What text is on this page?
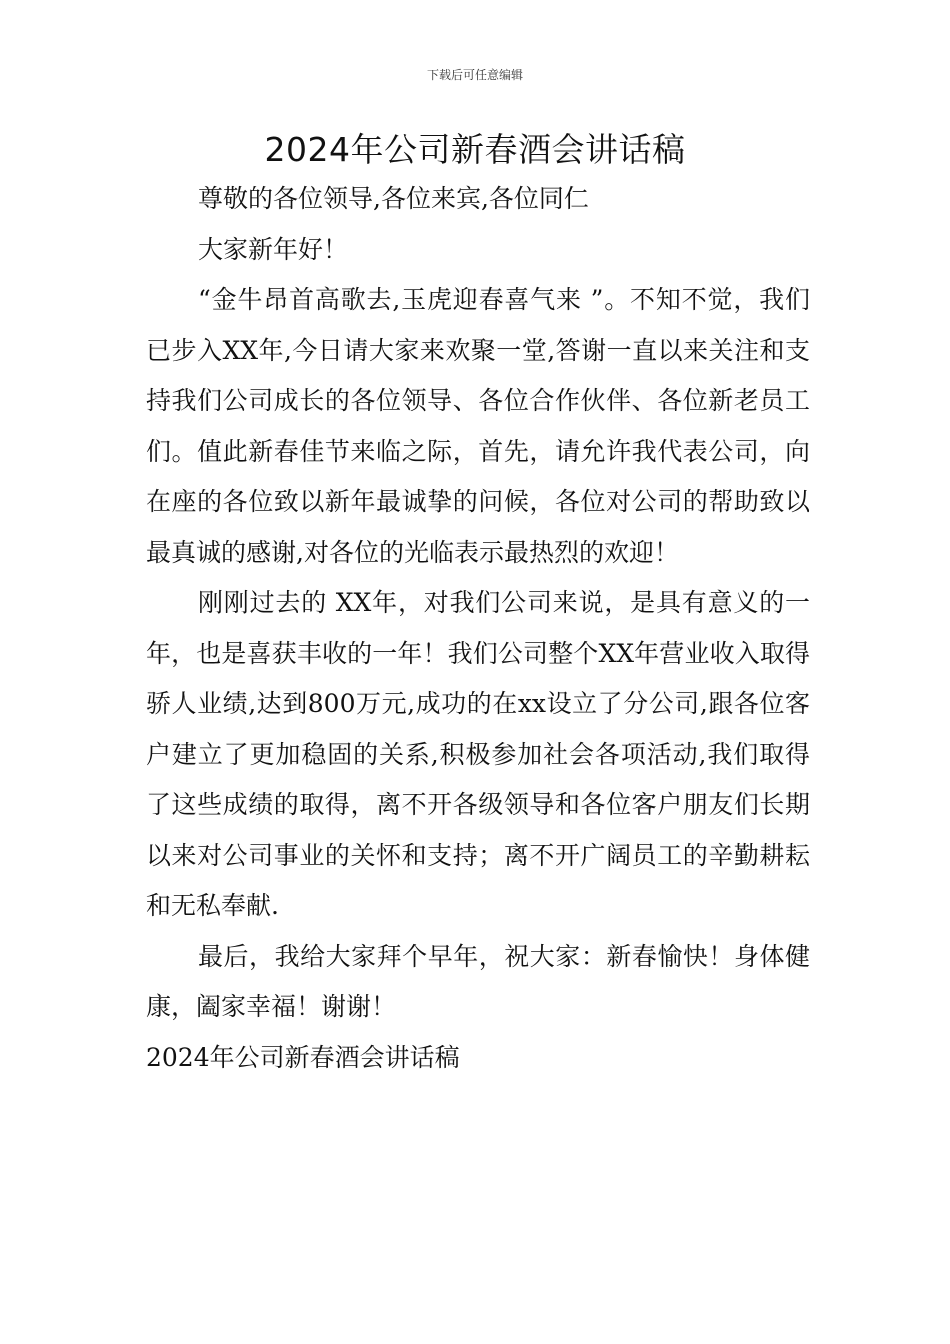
下载后可任意编辑
2024年公司新春酒会讲话稿

尊敬的各位领导,各位来宾,各位同仁

大家新年好！

“金牛昂首高歌去,玉虎迎春喜气来 ”。不知不觉，我们已步入XX年,今日请大家来欢聚一堂,答谢一直以来关注和支持我们公司成长的各位领导、各位合作伙伴、各位新老员工们。值此新春佳节来临之际，首先，请允许我代表公司，向在座的各位致以新年最诚挚的问候，各位对公司的帮助致以最真诚的感谢,对各位的光临表示最热烈的欢迎！

刚刚过去的 XX年，对我们公司来说，是具有意义的一年，也是喜获丰收的一年！我们公司整个XX年营业收入取得骄人业绩,达到800万元,成功的在xx设立了分公司,跟各位客户建立了更加稳固的关系,积极参加社会各项活动,我们取得了这些成绩的取得，离不开各级领导和各位客户朋友们长期以来对公司事业的关怀和支持；离不开广阔员工的辛勤耕耘和无私奉献.

最后，我给大家拜个早年，祝大家：新春愉快！身体健康，阖家幸福！谢谢！

2024年公司新春酒会讲话稿
